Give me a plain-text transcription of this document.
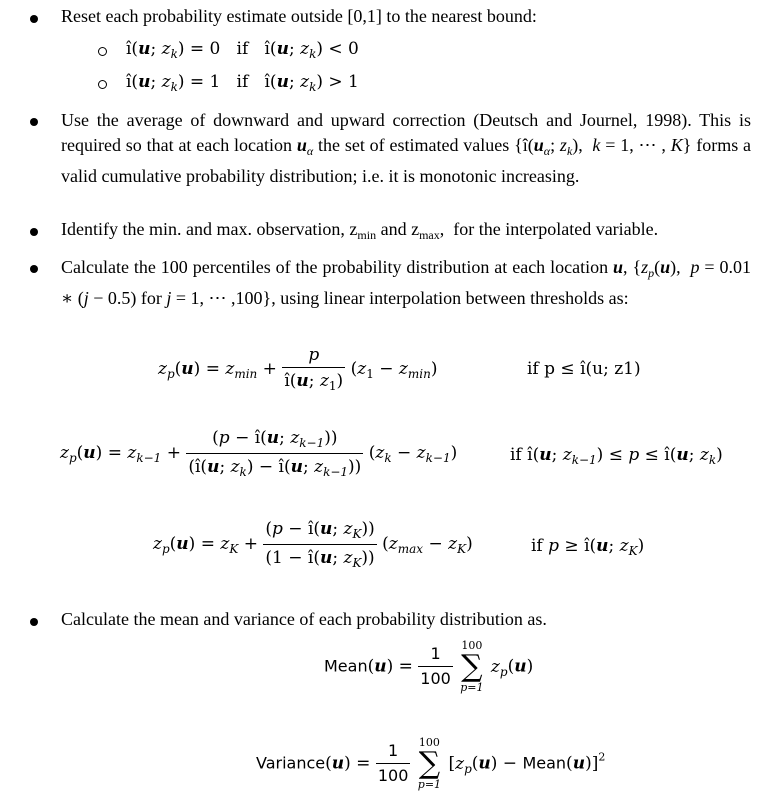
Reset each probability estimate outside [0,1] to the nearest bound:
î(u; $z_k) = 0$   if   î(u; $z_k) < 0$
î(u; $z_k) = 1$   if   î(u; $z_k) > 1$
Use the average of downward and upward correction (Deutsch and Journel, 1998). This is required so that at each location $u_\alpha$ the set of estimated values {$î(u_\alpha$; $z_k$),  k = 1, ⋯ , K} forms a valid cumulative probability distribution; i.e. it is monotonic increasing.
Identify the min. and max. observation, $z_{min}$ and $z_{max}$,  for the interpolated variable.
Calculate the 100 percentiles of the probability distribution at each location u, {$z_p(u)$,  p = 0.01 ∗ (j − 0.5) for j = 1, ⋯ ,100}, using linear interpolation between thresholds as:
$z_p(u) = z_{min} + \frac{p}{î(u; z_1)} (z_1 - z_{min})$	if p ≤ î(u; z1)
$z_p(u) = z_{k-1} + \frac{(p - î(u; z_{k-1}))}{(î(u; z_k) - î(u; z_{k-1}))} (z_k - z_{k-1})$	if î(u; $z_{k-1}) \le p$ ≤ î(u; $z_k$)
$z_p(u) = z_K + \frac{(p - î(u; z_K))}{(1 - î(u; z_K))} (z_{max} - z_K)$	if p ≥ î(u; $z_K$)
Calculate the mean and variance of each probability distribution as.
Mean(u) = $\frac{1}{100}$
100
∑
p=1
$z_p(u)$
Variance(u) = $\frac{1}{100}$
100
∑
p=1
[$z_p(u)$ − Mean(u)]$^2$
